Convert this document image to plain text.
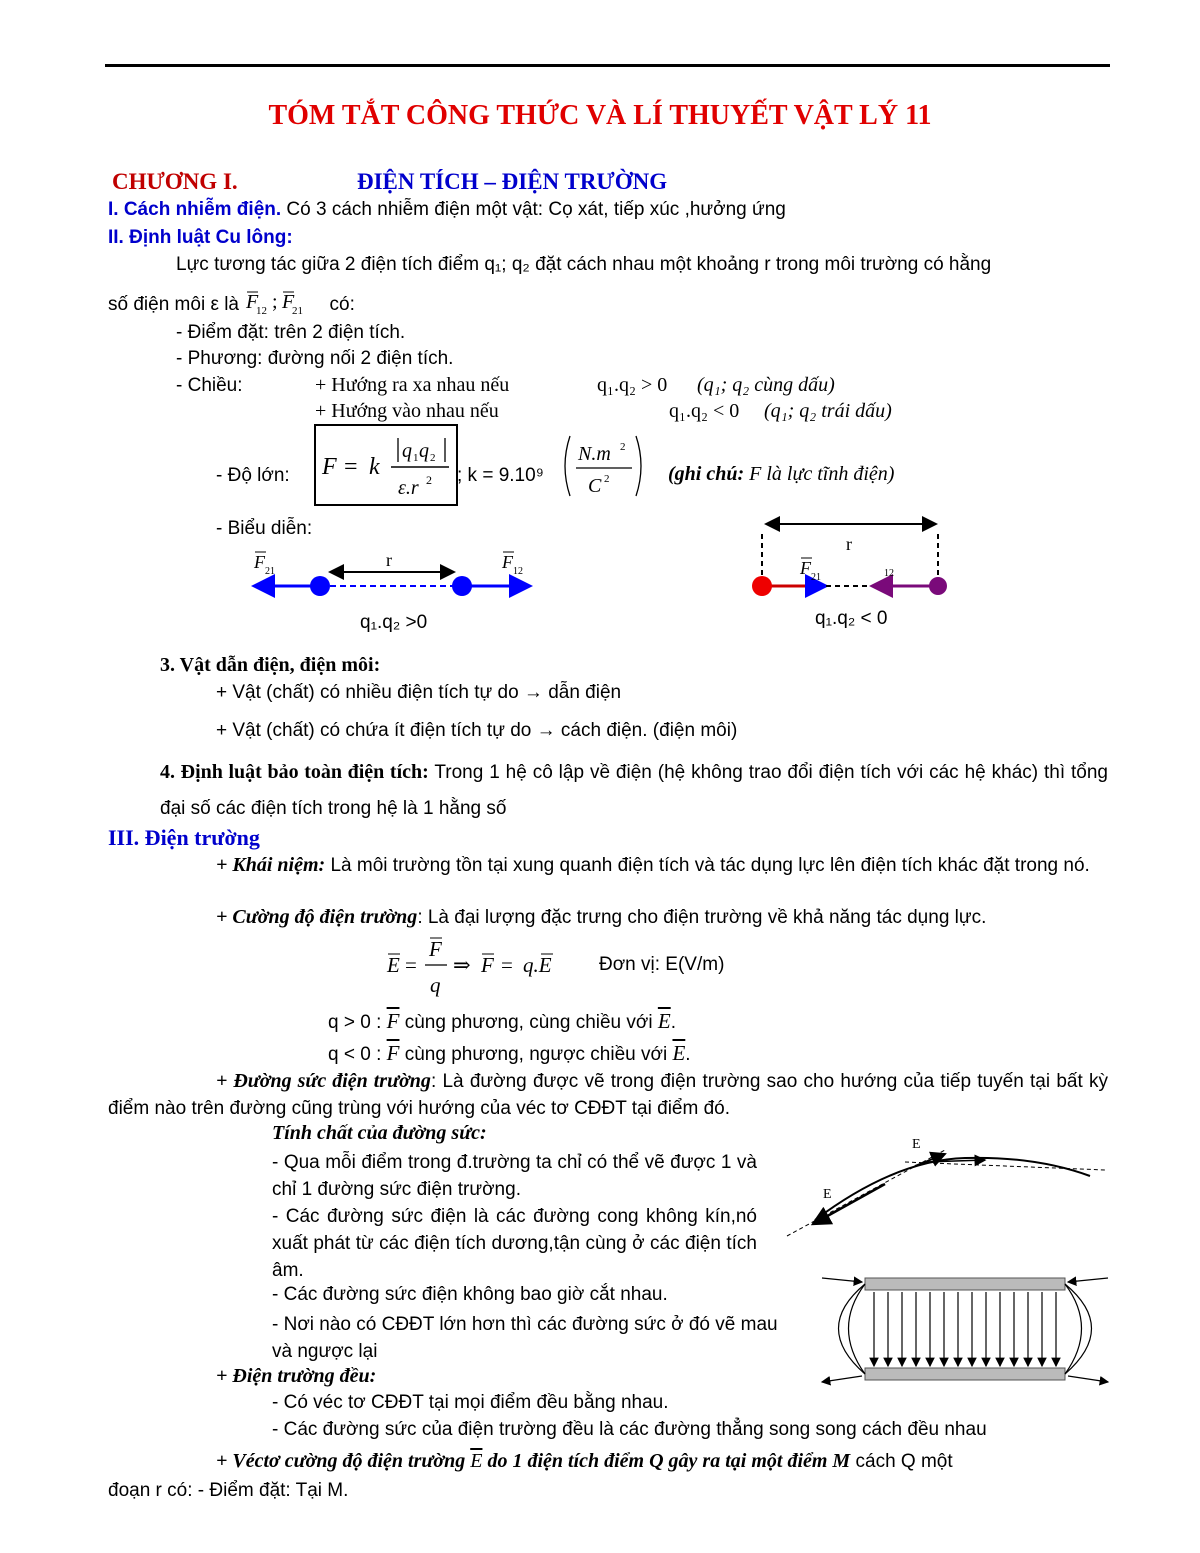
TÓM TẮT CÔNG THỨC VÀ LÍ THUYẾT VẬT LÝ 11
CHƯƠNG I.	ĐIỆN TÍCH – ĐIỆN TRƯỜNG
I. Cách nhiễm điện. Có 3 cách nhiễm điện một vật: Cọ xát, tiếp xúc ,hưởng ứng
II. Định luật Cu lông:
Lực tương tác giữa 2 điện tích điểm q₁; q₂ đặt cách nhau một khoảng r trong môi trường có hằng
số điện môi ε là F
12 ; F
21 có:
- Điểm đặt: trên 2 điện tích.
- Phương: đường nối 2 điện tích.
- Chiều:	+ Hướng ra xa nhau nếu	q₁.q₂ > 0 (q₁; q₂ cùng dấu)
+ Hướng vào nhau nếu	q₁.q₂ < 0 (q₁; q₂ trái dấu)
- Độ lớn: F = k
q 1 q 2
ε.r 2 ; k = 9.10⁹
N.m 2
C 2	(ghi chú: F là lực tĩnh điện)
- Biểu diễn:
r
F 21	F 12
q₁.q₂ >0
r
F 21	12
q₁.q₂ < 0
3. Vật dẫn điện, điện môi:
+ Vật (chất) có nhiều điện tích tự do → dẫn điện
+ Vật (chất) có chứa ít điện tích tự do → cách điện. (điện môi)
4. Định luật bảo toàn điện tích: Trong 1 hệ cô lập về điện (hệ không trao đổi điện tích với các hệ khác) thì tổng đại số các điện tích trong hệ là 1 hằng số
III. Điện trường
+ Khái niệm: Là môi trường tồn tại xung quanh điện tích và tác dụng lực lên điện tích khác đặt trong nó.
+ Cường độ điện trường: Là đại lượng đặc trưng cho điện trường về khả năng tác dụng lực.
E =
F
q
⇒ F = q.E Đơn vị: E(V/m)
q > 0 : $\overline{F}$ cùng phương, cùng chiều với $\overline{E}$.
q < 0 : $\overline{F}$ cùng phương, ngược chiều với $\overline{E}$.
+ Đường sức điện trường: Là đường được vẽ trong điện trường sao cho hướng của tiếp tuyến tại bất kỳ điểm nào trên đường cũng trùng với hướng của véc tơ CĐĐT tại điểm đó.
Tính chất của đường sức:
- Qua mỗi điểm trong đ.trường ta chỉ có thể vẽ được 1 và chỉ 1 đường sức điện trường.
- Các đường sức điện là các đường cong không kín,nó xuất phát từ các điện tích dương,tận cùng ở các điện tích âm.
- Các đường sức điện không bao giờ cắt nhau.
- Nơi nào có CĐĐT lớn hơn thì các đường sức ở đó vẽ mau và ngược lại
E
E
+ Điện trường đều:
- Có véc tơ CĐĐT tại mọi điểm đều bằng nhau.
- Các đường sức của điện trường đều là các đường thẳng song song cách đều nhau
+ Véctơ cường độ điện trường $\overline{E}$ do 1 điện tích điểm Q gây ra tại một điểm M cách Q một
đoạn r có: - Điểm đặt: Tại M.
